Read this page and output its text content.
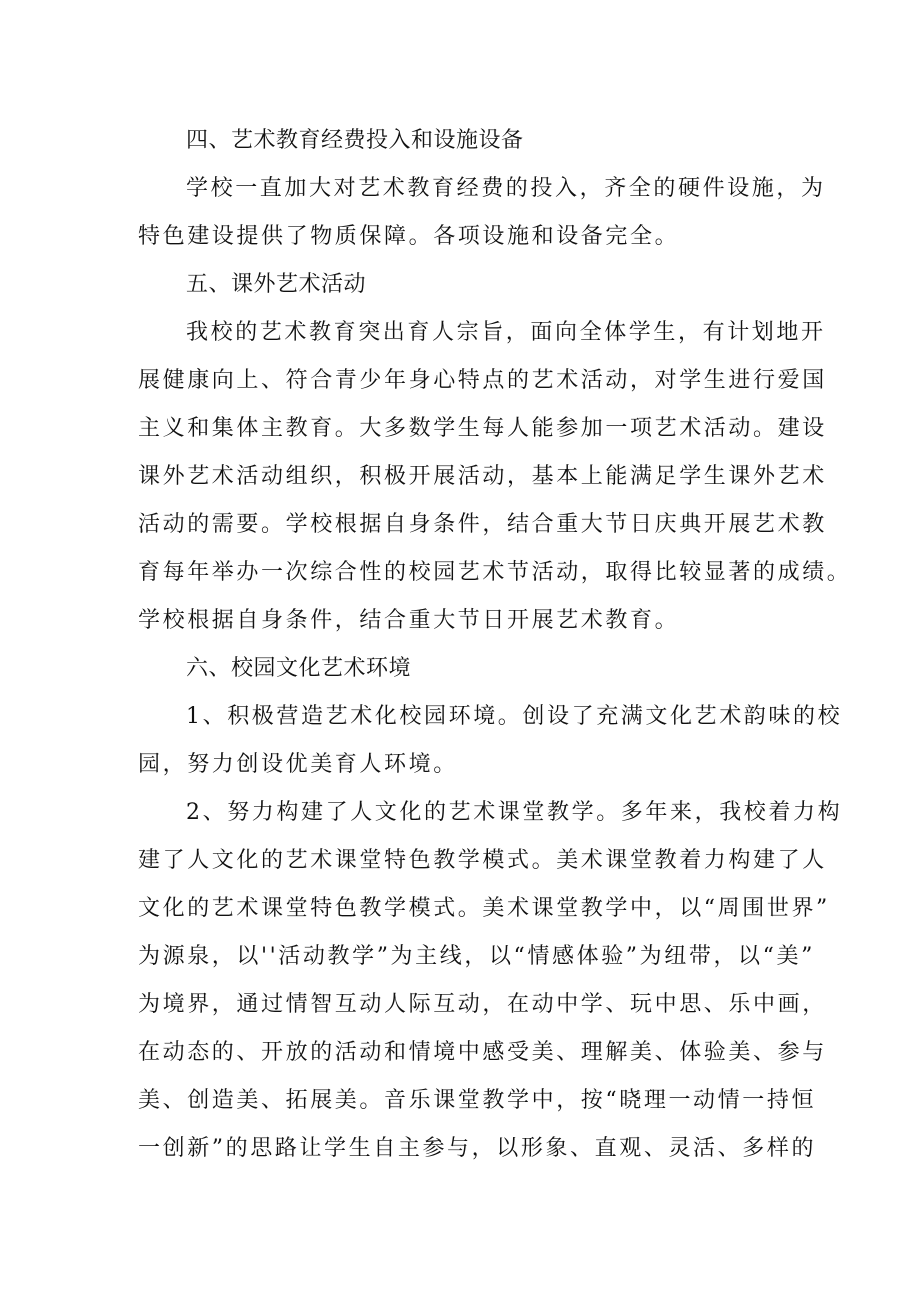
四、艺术教育经费投入和设施设备
学校一直加大对艺术教育经费的投入，齐全的硬件设施，为
特色建设提供了物质保障。各项设施和设备完全。
五、课外艺术活动
我校的艺术教育突出育人宗旨，面向全体学生，有计划地开
展健康向上、符合青少年身心特点的艺术活动，对学生进行爱国
主义和集体主教育。大多数学生每人能参加一项艺术活动。建设
课外艺术活动组织，积极开展活动，基本上能满足学生课外艺术
活动的需要。学校根据自身条件，结合重大节日庆典开展艺术教
育每年举办一次综合性的校园艺术节活动，取得比较显著的成绩。
学校根据自身条件，结合重大节日开展艺术教育。
六、校园文化艺术环境
1、积极营造艺术化校园环境。创设了充满文化艺术韵味的校
园，努力创设优美育人环境。
2、努力构建了人文化的艺术课堂教学。多年来，我校着力构
建了人文化的艺术课堂特色教学模式。美术课堂教着力构建了人
文化的艺术课堂特色教学模式。美术课堂教学中，以“周围世界”
为源泉，以''活动教学”为主线，以“情感体验”为纽带，以“美”
为境界，通过情智互动人际互动，在动中学、玩中思、乐中画，
在动态的、开放的活动和情境中感受美、理解美、体验美、参与
美、创造美、拓展美。音乐课堂教学中，按“晓理一动情一持恒
一创新”的思路让学生自主参与，以形象、直观、灵活、多样的
